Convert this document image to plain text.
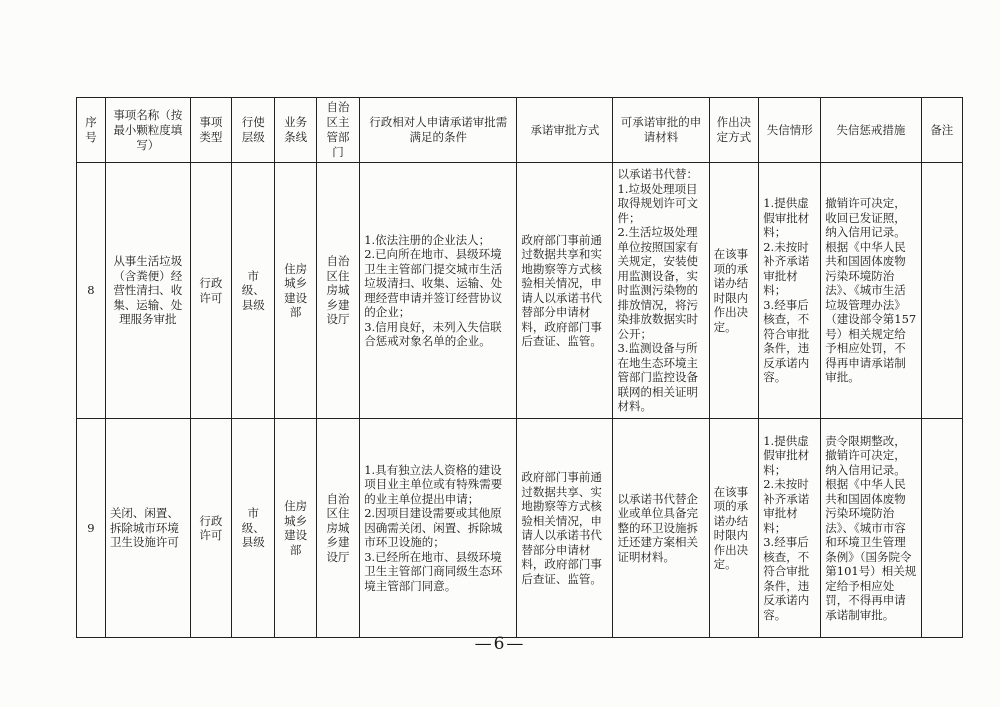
序号	事项名称（按最小颗粒度填写）	事项类型	行使层级	业务条线	自治区主管部门	行政相对人申请承诺审批需满足的条件	承诺审批方式	可承诺审批的申请材料	作出决定方式	失信情形	失信惩戒措施	备注
8	从事生活垃圾（含粪便）经营性清扫、收集、运输、处理服务审批	行政许可	市级、县级	住房城乡建设部	自治区住房城乡建设厅	1.依法注册的企业法人；
2.已向所在地市、县级环境卫生主管部门提交城市生活垃圾清扫、收集、运输、处理经营申请并签订经营协议的企业；
3.信用良好，未列入失信联合惩戒对象名单的企业。	政府部门事前通过数据共享和实地勘察等方式核验相关情况，申请人以承诺书代替部分申请材料，政府部门事后查证、监管。	以承诺书代替：
1.垃圾处理项目取得规划许可文件；
2.生活垃圾处理单位按照国家有关规定，安装使用监测设备，实时监测污染物的排放情况，将污染排放数据实时公开；
3.监测设备与所在地生态环境主管部门监控设备联网的相关证明材料。	在该事项的承诺办结时限内作出决定。	1.提供虚假审批材料；
2.未按时补齐承诺审批材料；
3.经事后核查，不符合审批条件，违反承诺内容。	撤销许可决定，收回已发证照，纳入信用记录。根据《中华人民共和国固体废物污染环境防治法》、《城市生活垃圾管理办法》（建设部令第157号）相关规定给予相应处罚，不得再申请承诺制审批。	
9	关闭、闲置、拆除城市环境卫生设施许可	行政许可	市级、县级	住房城乡建设部	自治区住房城乡建设厅	1.具有独立法人资格的建设项目业主单位或有特殊需要的业主单位提出申请；
2.因项目建设需要或其他原因确需关闭、闲置、拆除城市环卫设施的；
3.已经所在地市、县级环境卫生主管部门商同级生态环境主管部门同意。	政府部门事前通过数据共享、实地勘察等方式核验相关情况，申请人以承诺书代替部分申请材料，政府部门事后查证、监管。	以承诺书代替企业或单位具备完整的环卫设施拆迁还建方案相关证明材料。	在该事项的承诺办结时限内作出决定。	1.提供虚假审批材料；
2.未按时补齐承诺审批材料；
3.经事后核查，不符合审批条件，违反承诺内容。	责令限期整改，撤销许可决定，纳入信用记录。根据《中华人民共和国固体废物污染环境防治法》、《城市市容和环境卫生管理条例》（国务院令第101号）相关规定给予相应处罚，不得再申请承诺制审批。	
—6—
